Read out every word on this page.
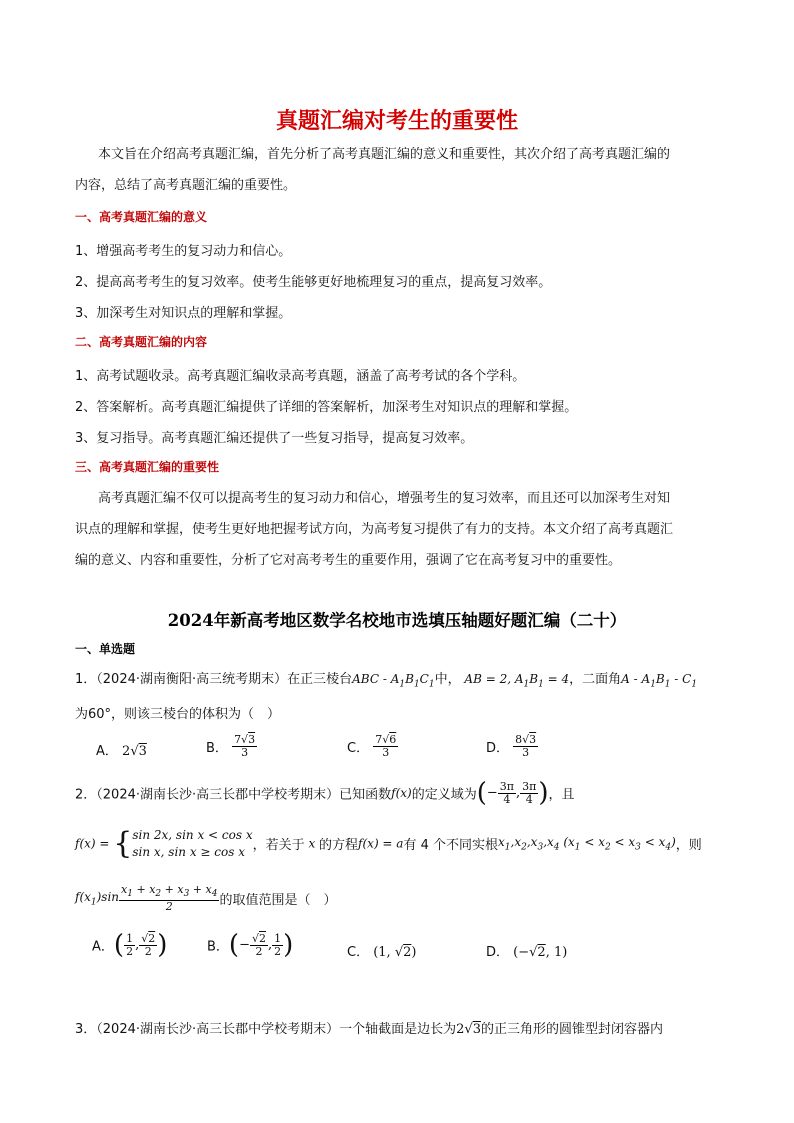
真题汇编对考生的重要性
本文旨在介绍高考真题汇编，首先分析了高考真题汇编的意义和重要性，其次介绍了高考真题汇编的
内容，总结了高考真题汇编的重要性。
一、高考真题汇编的意义
1、增强高考考生的复习动力和信心。
2、提高高考考生的复习效率。使考生能够更好地梳理复习的重点，提高复习效率。
3、加深考生对知识点的理解和掌握。
二、高考真题汇编的内容
1、高考试题收录。高考真题汇编收录高考真题，涵盖了高考考试的各个学科。
2、答案解析。高考真题汇编提供了详细的答案解析，加深考生对知识点的理解和掌握。
3、复习指导。高考真题汇编还提供了一些复习指导，提高复习效率。
三、高考真题汇编的重要性
高考真题汇编不仅可以提高考生的复习动力和信心，增强考生的复习效率，而且还可以加深考生对知
识点的理解和掌握，使考生更好地把握考试方向，为高考复习提供了有力的支持。本文介绍了高考真题汇
编的意义、内容和重要性，分析了它对高考考生的重要作用，强调了它在高考复习中的重要性。
2024年新高考地区数学名校地市选填压轴题好题汇编（二十）
一、单选题
1．（2024·湖南衡阳·高三统考期末）在正三棱台ABC - $A_1B_1C_1$中， AB = 2, $A_1B_1 = 4$，二面角A - $A_1B_1 - C_1$
为60°，则该三棱台的体积为（　）
A． 2√3	B． $\frac{7√3}{3}$	C． $\frac{7√6}{3}$	D． $\frac{8√3}{3}$
2．（2024·湖南长沙·高三长郡中学校考期末）已知函数f(x)的定义域为(− $\frac{3\pi}{4}$ , $\frac{3\pi}{4}$ )，且
f(x) = {sin 2x, sin x < cos x
sin x, sin x ≥ cos x ，若关于 x 的方程f(x) = a有 4 个不同实根$x_1,x_2,x_3,x_4$ $(x_1 < x_2 < x_3 < x_4)$，则
$f(x_1)\sin \frac{x_1 + x_2 + x_3 + x_4}{2}$ 的取值范围是（　）
A．( $\frac{1}{2}$ , $\frac{√2}{2}$ )	B．(− $\frac{√2}{2}$ , $\frac{1}{2}$ )	C． (1, √2)	D． (−√2, 1)
3．（2024·湖南长沙·高三长郡中学校考期末）一个轴截面是边长为2√3的正三角形的圆锥型封闭容器内
